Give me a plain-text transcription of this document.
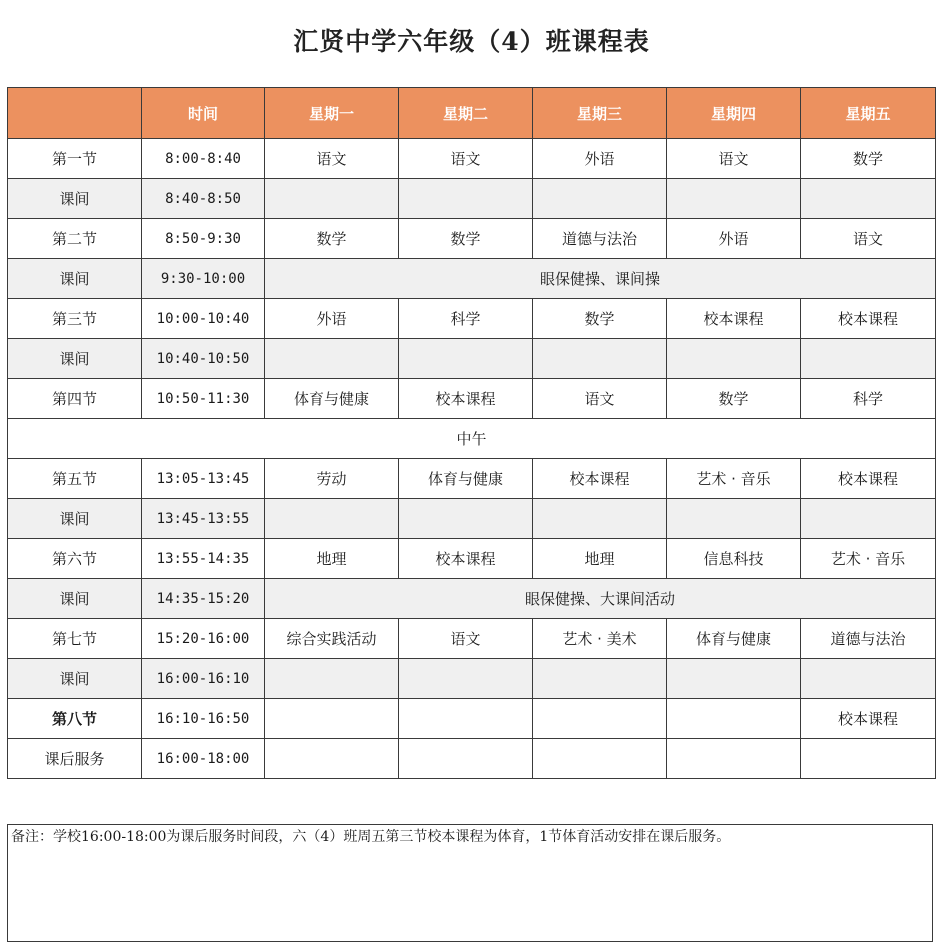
汇贤中学六年级（4）班课程表
	时间	星期一	星期二	星期三	星期四	星期五
第一节	8:00-8:40	语文	语文	外语	语文	数学
课间	8:40-8:50					
第二节	8:50-9:30	数学	数学	道德与法治	外语	语文
课间	9:30-10:00	眼保健操、课间操				
第三节	10:00-10:40	外语	科学	数学	校本课程	校本课程
课间	10:40-10:50					
第四节	10:50-11:30	体育与健康	校本课程	语文	数学	科学
中午						
第五节	13:05-13:45	劳动	体育与健康	校本课程	艺术 · 音乐	校本课程
课间	13:45-13:55					
第六节	13:55-14:35	地理	校本课程	地理	信息科技	艺术 · 音乐
课间	14:35-15:20	眼保健操、大课间活动				
第七节	15:20-16:00	综合实践活动	语文	艺术 · 美术	体育与健康	道德与法治
课间	16:00-16:10					
第八节	16:10-16:50					校本课程
课后服务	16:00-18:00					
备注：学校16:00-18:00为课后服务时间段，六（4）班周五第三节校本课程为体育，1节体育活动安排在课后服务。
